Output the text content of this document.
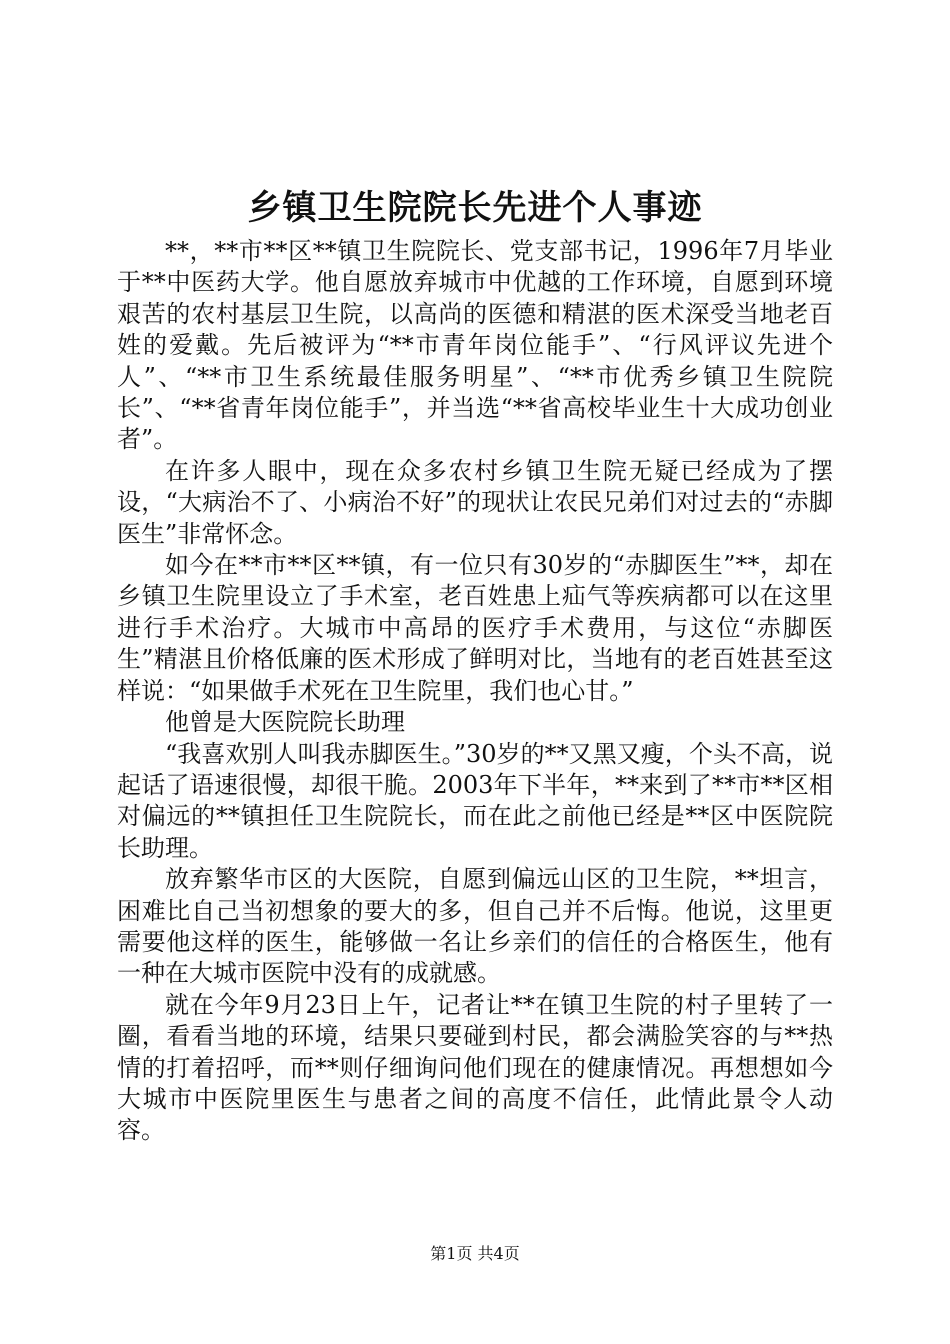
乡镇卫生院院长先进个人事迹

**，**市**区**镇卫生院院长、党支部书记，1996年7月毕业于**中医药大学。他自愿放弃城市中优越的工作环境，自愿到环境艰苦的农村基层卫生院，以高尚的医德和精湛的医术深受当地老百姓的爱戴。先后被评为“**市青年岗位能手”、“行风评议先进个人”、“**市卫生系统最佳服务明星”、“**市优秀乡镇卫生院院长”、“**省青年岗位能手”，并当选“**省高校毕业生十大成功创业者”。

在许多人眼中，现在众多农村乡镇卫生院无疑已经成为了摆设，“大病治不了、小病治不好”的现状让农民兄弟们对过去的“赤脚医生”非常怀念。

如今在**市**区**镇，有一位只有30岁的“赤脚医生”**，却在乡镇卫生院里设立了手术室，老百姓患上疝气等疾病都可以在这里进行手术治疗。大城市中高昂的医疗手术费用，与这位“赤脚医生”精湛且价格低廉的医术形成了鲜明对比，当地有的老百姓甚至这样说：“如果做手术死在卫生院里，我们也心甘。”

他曾是大医院院长助理

“我喜欢别人叫我赤脚医生。”30岁的**又黑又瘦，个头不高，说起话了语速很慢，却很干脆。2003年下半年，**来到了**市**区相对偏远的**镇担任卫生院院长，而在此之前他已经是**区中医院院长助理。

放弃繁华市区的大医院，自愿到偏远山区的卫生院，**坦言，困难比自己当初想象的要大的多，但自己并不后悔。他说，这里更需要他这样的医生，能够做一名让乡亲们的信任的合格医生，他有一种在大城市医院中没有的成就感。

就在今年9月23日上午，记者让**在镇卫生院的村子里转了一圈，看看当地的环境，结果只要碰到村民，都会满脸笑容的与**热情的打着招呼，而**则仔细询问他们现在的健康情况。再想想如今大城市中医院里医生与患者之间的高度不信任，此情此景令人动容。

第1页 共4页
